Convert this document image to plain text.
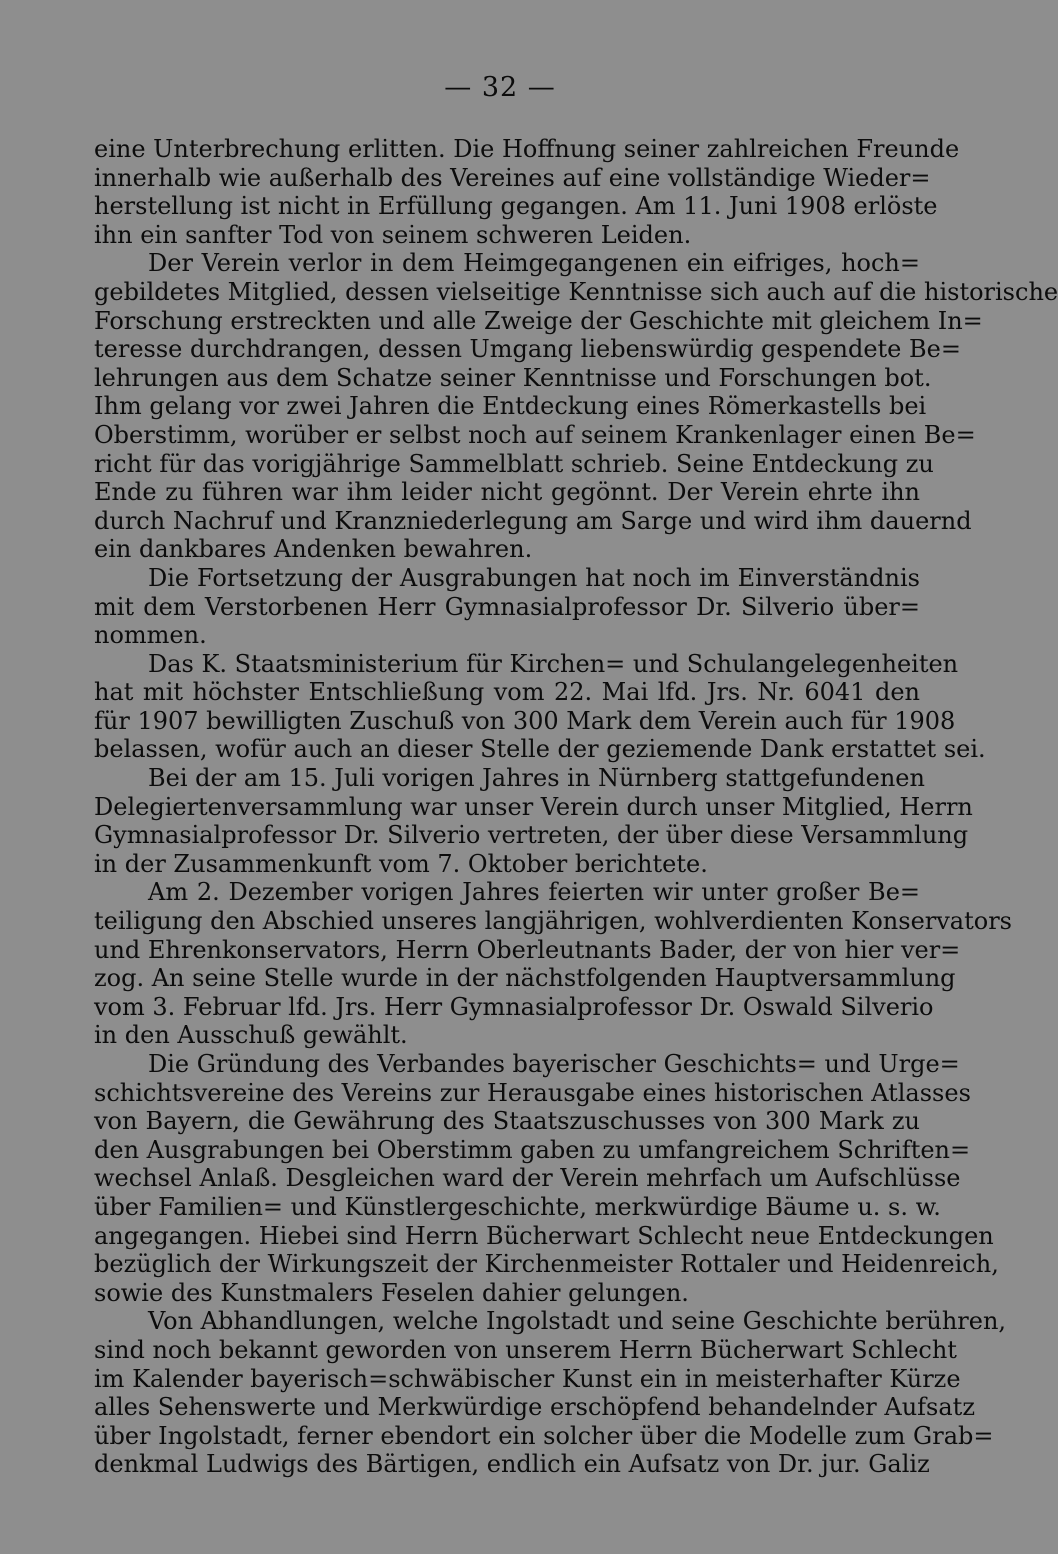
— 32 —
eine Unterbrechung erlitten. Die Hoffnung seiner zahlreichen Freunde
innerhalb wie außerhalb des Vereines auf eine vollständige Wieder=
herstellung ist nicht in Erfüllung gegangen. Am 11. Juni 1908 erlöste
ihn ein sanfter Tod von seinem schweren Leiden.
Der Verein verlor in dem Heimgegangenen ein eifriges, hoch=
gebildetes Mitglied, dessen vielseitige Kenntnisse sich auch auf die historische
Forschung erstreckten und alle Zweige der Geschichte mit gleichem In=
teresse durchdrangen, dessen Umgang liebenswürdig gespendete Be=
lehrungen aus dem Schatze seiner Kenntnisse und Forschungen bot.
Ihm gelang vor zwei Jahren die Entdeckung eines Römerkastells bei
Oberstimm, worüber er selbst noch auf seinem Krankenlager einen Be=
richt für das vorigjährige Sammelblatt schrieb. Seine Entdeckung zu
Ende zu führen war ihm leider nicht gegönnt. Der Verein ehrte ihn
durch Nachruf und Kranzniederlegung am Sarge und wird ihm dauernd
ein dankbares Andenken bewahren.
Die Fortsetzung der Ausgrabungen hat noch im Einverständnis
mit dem Verstorbenen Herr Gymnasialprofessor Dr. Silverio über=
nommen.
Das K. Staatsministerium für Kirchen= und Schulangelegenheiten
hat mit höchster Entschließung vom 22. Mai lfd. Jrs. Nr. 6041 den
für 1907 bewilligten Zuschuß von 300 Mark dem Verein auch für 1908
belassen, wofür auch an dieser Stelle der geziemende Dank erstattet sei.
Bei der am 15. Juli vorigen Jahres in Nürnberg stattgefundenen
Delegiertenversammlung war unser Verein durch unser Mitglied, Herrn
Gymnasialprofessor Dr. Silverio vertreten, der über diese Versammlung
in der Zusammenkunft vom 7. Oktober berichtete.
Am 2. Dezember vorigen Jahres feierten wir unter großer Be=
teiligung den Abschied unseres langjährigen, wohlverdienten Konservators
und Ehrenkonservators, Herrn Oberleutnants Bader, der von hier ver=
zog. An seine Stelle wurde in der nächstfolgenden Hauptversammlung
vom 3. Februar lfd. Jrs. Herr Gymnasialprofessor Dr. Oswald Silverio
in den Ausschuß gewählt.
Die Gründung des Verbandes bayerischer Geschichts= und Urge=
schichtsvereine des Vereins zur Herausgabe eines historischen Atlasses
von Bayern, die Gewährung des Staatszuschusses von 300 Mark zu
den Ausgrabungen bei Oberstimm gaben zu umfangreichem Schriften=
wechsel Anlaß. Desgleichen ward der Verein mehrfach um Aufschlüsse
über Familien= und Künstlergeschichte, merkwürdige Bäume u. s. w.
angegangen. Hiebei sind Herrn Bücherwart Schlecht neue Entdeckungen
bezüglich der Wirkungszeit der Kirchenmeister Rottaler und Heidenreich,
sowie des Kunstmalers Feselen dahier gelungen.
Von Abhandlungen, welche Ingolstadt und seine Geschichte berühren,
sind noch bekannt geworden von unserem Herrn Bücherwart Schlecht
im Kalender bayerisch=schwäbischer Kunst ein in meisterhafter Kürze
alles Sehenswerte und Merkwürdige erschöpfend behandelnder Aufsatz
über Ingolstadt, ferner ebendort ein solcher über die Modelle zum Grab=
denkmal Ludwigs des Bärtigen, endlich ein Aufsatz von Dr. jur. Galiz
